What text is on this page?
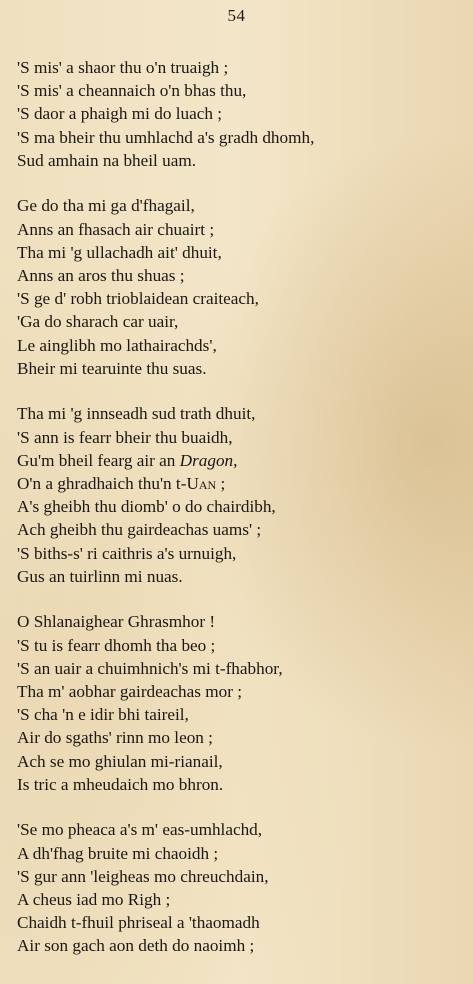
54
'S mis' a shaor thu o'n truaigh ;
'S mis' a cheannaich o'n bhas thu,
'S daor a phaigh mi do luach ;
'S ma bheir thu umhlachd a's gradh dhomh,
Sud amhain na bheil uam.
Ge do tha mi ga d'fhagail,
Anns an fhasach air chuairt ;
Tha mi 'g ullachadh ait' dhuit,
Anns an aros thu shuas ;
'S ge d' robh trioblaidean craiteach,
'Ga do sharach car uair,
Le ainglibh mo lathairachds',
Bheir mi tearuinte thu suas.
Tha mi 'g innseadh sud trath dhuit,
'S ann is fearr bheir thu buaidh,
Gu'm bheil fearg air an Dragon,
O'n a ghradhaich thu'n t-Uan ;
A's gheibh thu diomb' o do chairdibh,
Ach gheibh thu gairdeachas uams' ;
'S biths-s' ri caithris a's urnuigh,
Gus an tuirlinn mi nuas.
O Shlanaighear Ghrasmhor !
'S tu is fearr dhomh tha beo ;
'S an uair a chuimhnich's mi t-fhabhor,
Tha m' aobhar gairdeachas mor ;
'S cha 'n e idir bhi taireil,
Air do sgaths' rinn mo leon ;
Ach se mo ghiulan mi-rianail,
Is tric a mheudaich mo bhron.
'Se mo pheaca a's m' eas-umhlachd,
A dh'fhag bruite mi chaoidh ;
'S gur ann 'leigheas mo chreuchdain,
A cheus iad mo Righ ;
Chaidh t-fhuil phriseal a 'thaomadh
Air son gach aon deth do naoimh ;
